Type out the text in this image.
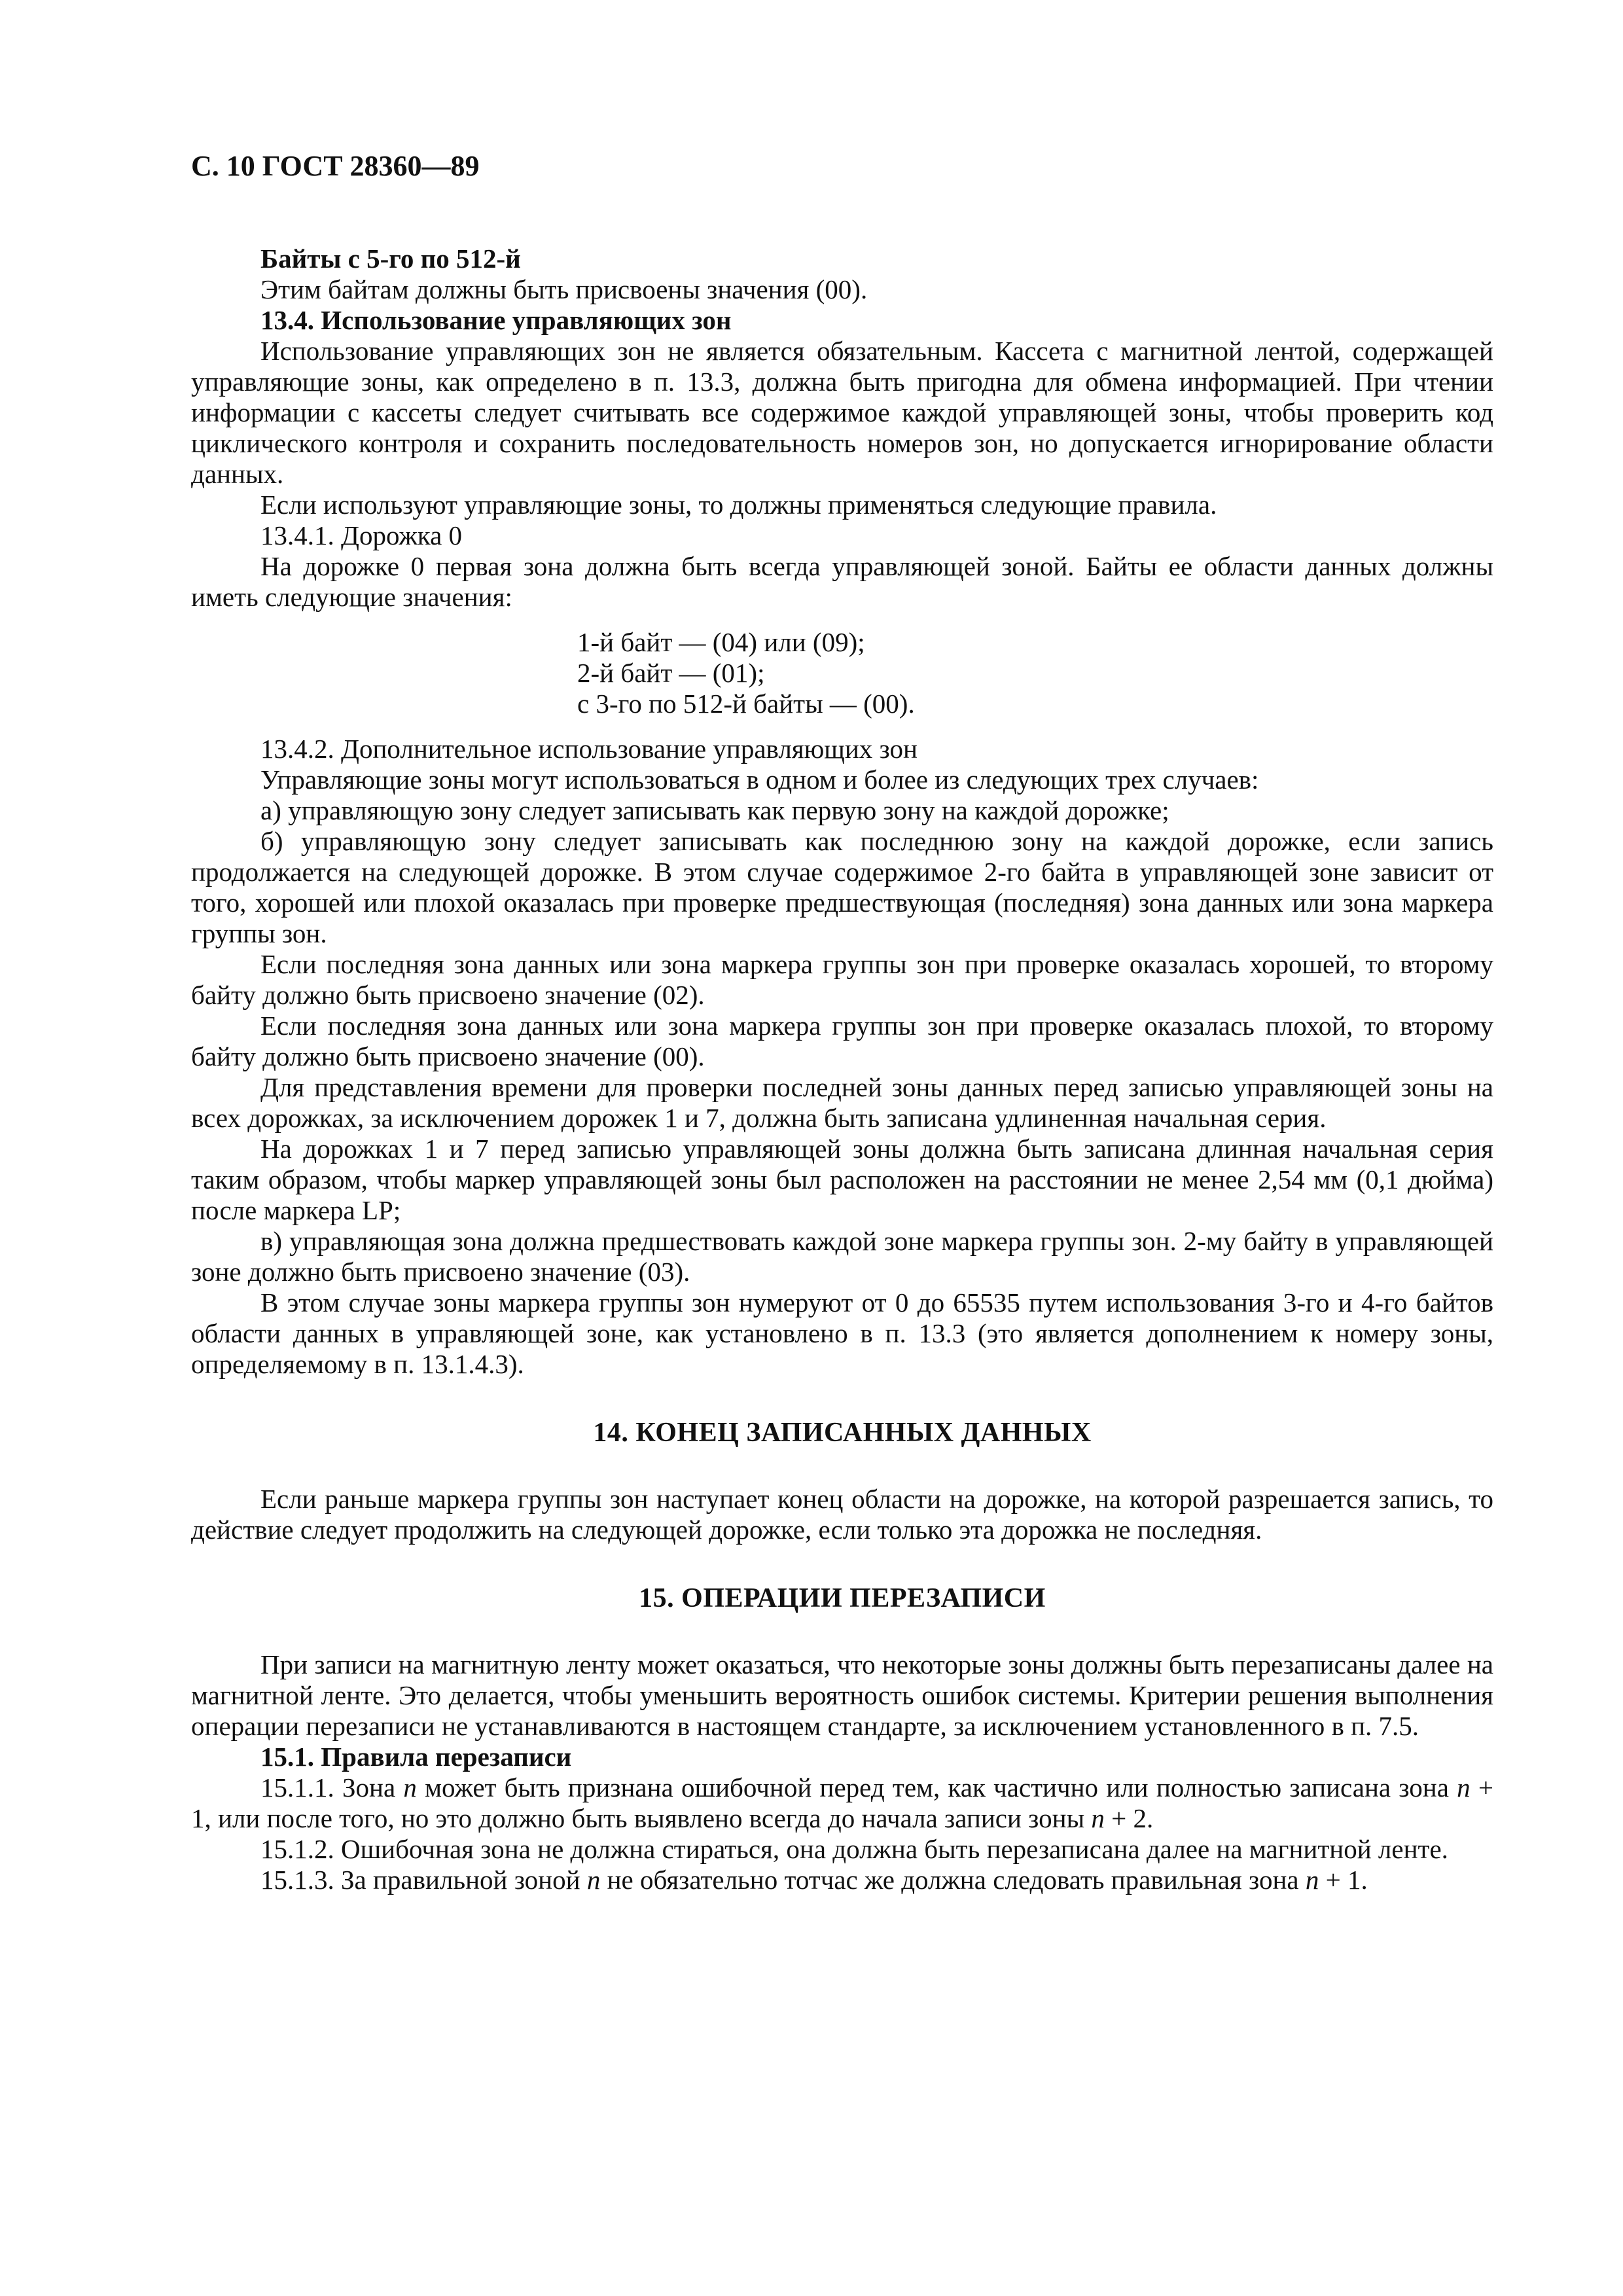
С. 10 ГОСТ 28360—89

Байты с 5-го по 512-й

Этим байтам должны быть присвоены значения (00).

13.4. Использование управляющих зон

Использование управляющих зон не является обязательным. Кассета с магнитной лентой, содержащей управляющие зоны, как определено в п. 13.3, должна быть пригодна для обмена информацией. При чтении информации с кассеты следует считывать все содержимое каждой управляющей зоны, чтобы проверить код циклического контроля и сохранить последовательность номеров зон, но допускается игнорирование области данных.

Если используют управляющие зоны, то должны применяться следующие правила.

13.4.1. Дорожка 0

На дорожке 0 первая зона должна быть всегда управляющей зоной. Байты ее области данных должны иметь следующие значения:

1-й байт — (04) или (09);
2-й байт — (01);
с 3-го по 512-й байты — (00).

13.4.2. Дополнительное использование управляющих зон

Управляющие зоны могут использоваться в одном и более из следующих трех случаев:

а) управляющую зону следует записывать как первую зону на каждой дорожке;

б) управляющую зону следует записывать как последнюю зону на каждой дорожке, если запись продолжается на следующей дорожке. В этом случае содержимое 2-го байта в управляющей зоне зависит от того, хорошей или плохой оказалась при проверке предшествующая (последняя) зона данных или зона маркера группы зон.

Если последняя зона данных или зона маркера группы зон при проверке оказалась хорошей, то второму байту должно быть присвоено значение (02).

Если последняя зона данных или зона маркера группы зон при проверке оказалась плохой, то второму байту должно быть присвоено значение (00).

Для представления времени для проверки последней зоны данных перед записью управляющей зоны на всех дорожках, за исключением дорожек 1 и 7, должна быть записана удлиненная начальная серия.

На дорожках 1 и 7 перед записью управляющей зоны должна быть записана длинная начальная серия таким образом, чтобы маркер управляющей зоны был расположен на расстоянии не менее 2,54 мм (0,1 дюйма) после маркера LP;

в) управляющая зона должна предшествовать каждой зоне маркера группы зон. 2-му байту в управляющей зоне должно быть присвоено значение (03).

В этом случае зоны маркера группы зон нумеруют от 0 до 65535 путем использования 3-го и 4-го байтов области данных в управляющей зоне, как установлено в п. 13.3 (это является дополнением к номеру зоны, определяемому в п. 13.1.4.3).

14. КОНЕЦ ЗАПИСАННЫХ ДАННЫХ

Если раньше маркера группы зон наступает конец области на дорожке, на которой разрешается запись, то действие следует продолжить на следующей дорожке, если только эта дорожка не последняя.

15. ОПЕРАЦИИ ПЕРЕЗАПИСИ

При записи на магнитную ленту может оказаться, что некоторые зоны должны быть перезаписаны далее на магнитной ленте. Это делается, чтобы уменьшить вероятность ошибок системы. Критерии решения выполнения операции перезаписи не устанавливаются в настоящем стандарте, за исключением установленного в п. 7.5.

15.1. Правила перезаписи

15.1.1. Зона n может быть признана ошибочной перед тем, как частично или полностью записана зона n + 1, или после того, но это должно быть выявлено всегда до начала записи зоны n + 2.

15.1.2. Ошибочная зона не должна стираться, она должна быть перезаписана далее на магнитной ленте.

15.1.3. За правильной зоной n не обязательно тотчас же должна следовать правильная зона n + 1.
